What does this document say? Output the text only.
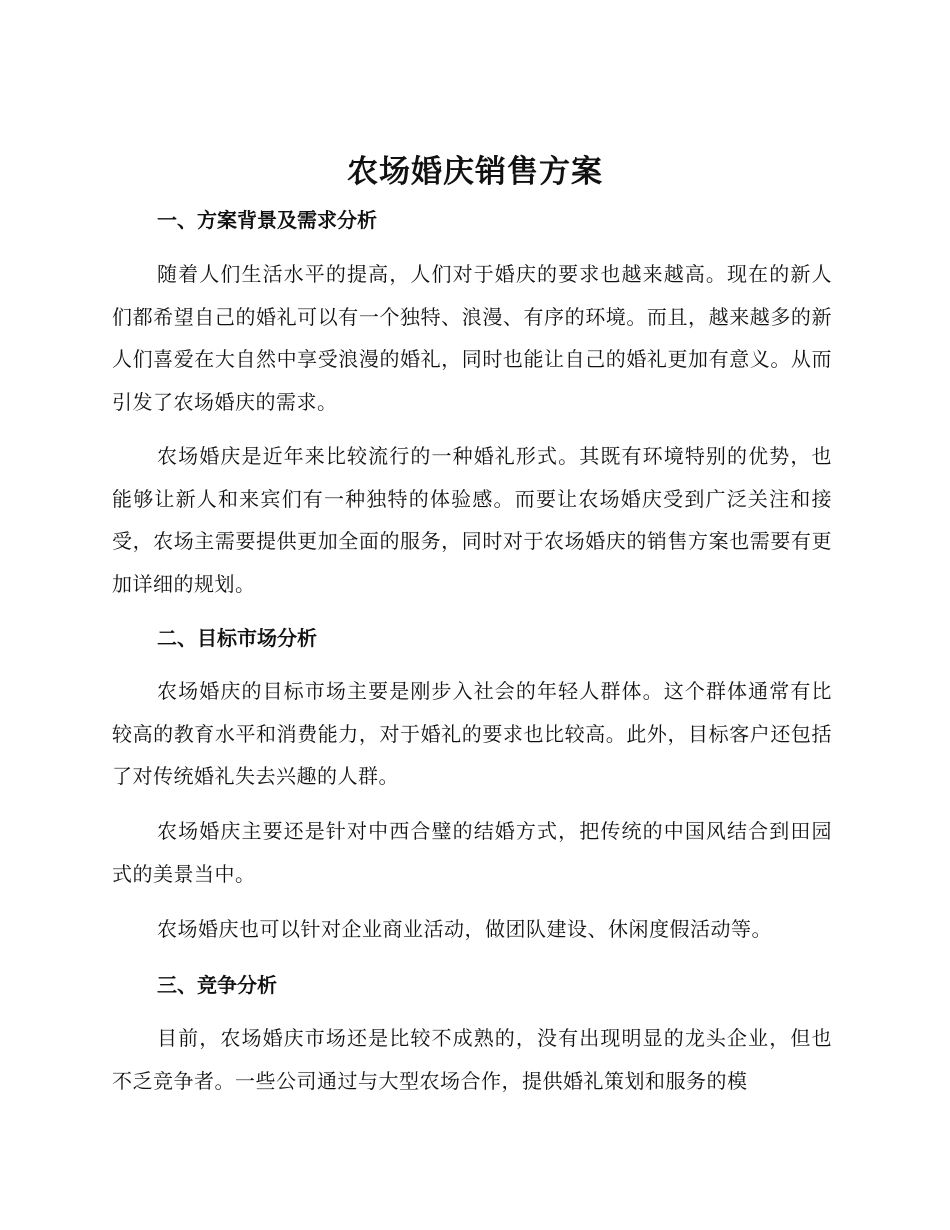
农场婚庆销售方案
一、方案背景及需求分析

随着人们生活水平的提高，人们对于婚庆的要求也越来越高。现在的新人们都希望自己的婚礼可以有一个独特、浪漫、有序的环境。而且，越来越多的新人们喜爱在大自然中享受浪漫的婚礼，同时也能让自己的婚礼更加有意义。从而引发了农场婚庆的需求。

农场婚庆是近年来比较流行的一种婚礼形式。其既有环境特别的优势，也能够让新人和来宾们有一种独特的体验感。而要让农场婚庆受到广泛关注和接受，农场主需要提供更加全面的服务，同时对于农场婚庆的销售方案也需要有更加详细的规划。

二、目标市场分析

农场婚庆的目标市场主要是刚步入社会的年轻人群体。这个群体通常有比较高的教育水平和消费能力，对于婚礼的要求也比较高。此外，目标客户还包括了对传统婚礼失去兴趣的人群。

农场婚庆主要还是针对中西合璧的结婚方式，把传统的中国风结合到田园式的美景当中。

农场婚庆也可以针对企业商业活动，做团队建设、休闲度假活动等。

三、竞争分析

目前，农场婚庆市场还是比较不成熟的，没有出现明显的龙头企业，但也不乏竞争者。一些公司通过与大型农场合作，提供婚礼策划和服务的模
